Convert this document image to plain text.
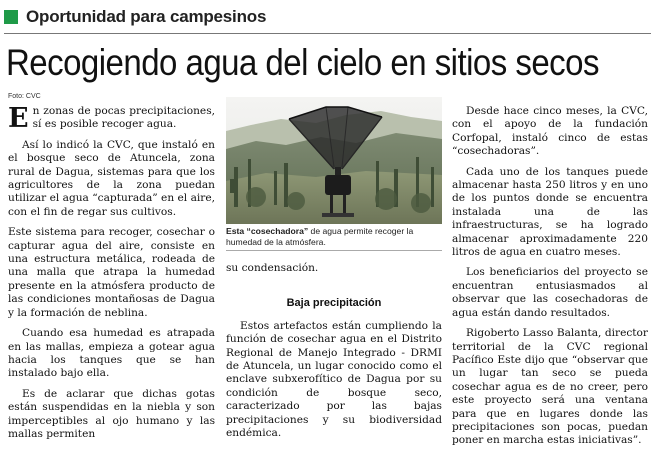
Oportunidad para campesinos
Recogiendo agua del cielo en sitios secos
Foto: CVC

En zonas de pocas precipitaciones, sí es posible recoger agua.

Así lo indicó la CVC, que instaló en el bosque seco de Atuncela, zona rural de Dagua, sistemas para que los agricultores de la zona puedan utilizar el agua “capturada” en el aire, con el fin de regar sus cultivos.

Este sistema para recoger, cosechar o capturar agua del aire, consiste en una estructura metálica, rodeada de una malla que atrapa la humedad presente en la atmósfera producto de las condiciones montañosas de Dagua y la formación de neblina.

Cuando esa humedad es atrapada en las mallas, empieza a gotear agua hacia los tanques que se han instalado bajo ella.

Es de aclarar que dichas gotas están suspendidas en la niebla y son imperceptibles al ojo humano y las mallas permiten

Esta “cosechadora” de agua permite recoger la humedad de la atmósfera.

su condensación.

Baja precipitación

Estos artefactos están cumpliendo la función de cosechar agua en el Distrito Regional de Manejo Integrado - DRMI de Atuncela, un lugar conocido como el enclave subxerofítico de Dagua por su condición de bosque seco, caracterizado por las bajas precipitaciones y su biodiversidad endémica.

Desde hace cinco meses, la CVC, con el apoyo de la fundación Corfopal, instaló cinco de estas “cosechadoras”.

Cada uno de los tanques puede almacenar hasta 250 litros y en uno de los puntos donde se encuentra instalada una de las infraestructuras, se ha logrado almacenar aproximadamente 220 litros de agua en cuatro meses.

Los beneficiarios del proyecto se encuentran entusiasmados al observar que las cosechadoras de agua están dando resultados.

Rigoberto Lasso Balanta, director territorial de la CVC regional Pacífico Este dijo que “observar que un lugar tan seco se pueda cosechar agua es de no creer, pero este proyecto será una ventana para que en lugares donde las precipitaciones son pocas, puedan poner en marcha estas iniciativas”.
